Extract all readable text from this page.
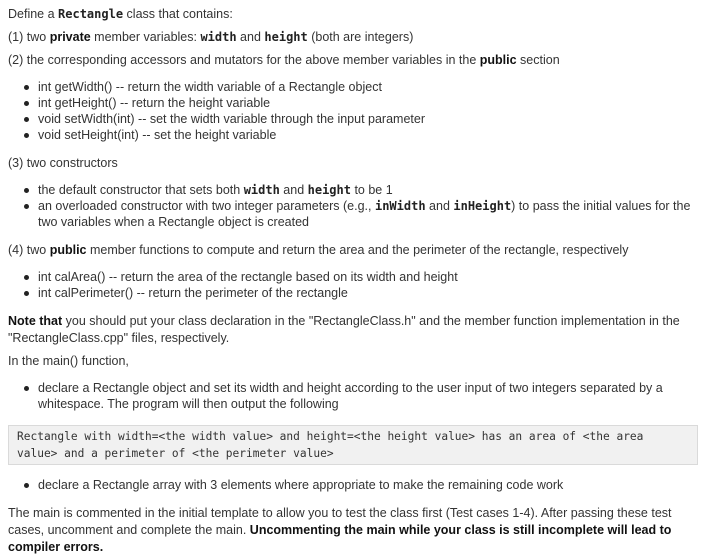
Define a Rectangle class that contains:

(1) two private member variables: width and height (both are integers)

(2) the corresponding accessors and mutators for the above member variables in the public section

int getWidth() -- return the width variable of a Rectangle object
int getHeight() -- return the height variable
void setWidth(int) -- set the width variable through the input parameter
void setHeight(int) -- set the height variable

(3) two constructors

the default constructor that sets both width and height to be 1
an overloaded constructor with two integer parameters (e.g., inWidth and inHeight) to pass the initial values for the two variables when a Rectangle object is created

(4) two public member functions to compute and return the area and the perimeter of the rectangle, respectively

int calArea() -- return the area of the rectangle based on its width and height
int calPerimeter() -- return the perimeter of the rectangle

Note that you should put your class declaration in the "RectangleClass.h" and the member function implementation in the "RectangleClass.cpp" files, respectively.

In the main() function,

declare a Rectangle object and set its width and height according to the user input of two integers separated by a whitespace. The program will then output the following
Rectangle with width=<the width value> and height=<the height value> has an area of <the area
value> and a perimeter of <the perimeter value>
declare a Rectangle array with 3 elements where appropriate to make the remaining code work

The main is commented in the initial template to allow you to test the class first (Test cases 1-4). After passing these test cases, uncomment and complete the main. Uncommenting the main while your class is still incomplete will lead to compiler errors.
